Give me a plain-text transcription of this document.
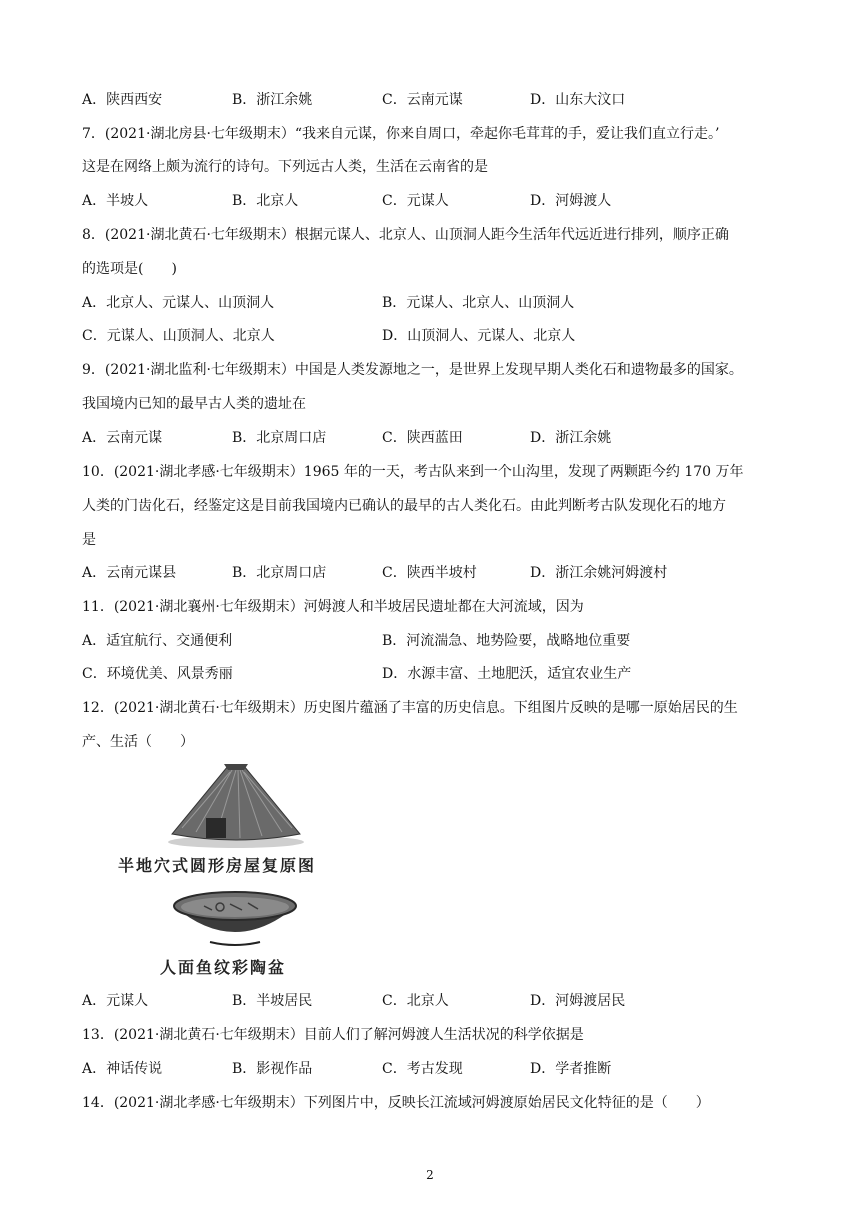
A．陕西西安	B．浙江余姚	C．云南元谋	D．山东大汶口
7．(2021·湖北房县·七年级期末）“我来自元谋，你来自周口，牵起你毛茸茸的手，爱让我们直立行走。’
这是在网络上颇为流行的诗句。下列远古人类，生活在云南省的是
A．半坡人	B．北京人	C．元谋人	D．河姆渡人
8．(2021·湖北黄石·七年级期末）根据元谋人、北京人、山顶洞人距今生活年代远近进行排列，顺序正确
的选项是(　　)
A．北京人、元谋人、山顶洞人	B．元谋人、北京人、山顶洞人
C．元谋人、山顶洞人、北京人	D．山顶洞人、元谋人、北京人
9．(2021·湖北监利·七年级期末）中国是人类发源地之一，是世界上发现早期人类化石和遗物最多的国家。
我国境内已知的最早古人类的遗址在
A．云南元谋	B．北京周口店	C．陕西蓝田	D．浙江余姚
10．(2021·湖北孝感·七年级期末）1965 年的一天，考古队来到一个山沟里，发现了两颗距今约 170 万年
人类的门齿化石，经鉴定这是目前我国境内已确认的最早的古人类化石。由此判断考古队发现化石的地方
是
A．云南元谋县	B．北京周口店	C．陕西半坡村	D．浙江余姚河姆渡村
11．(2021·湖北襄州·七年级期末）河姆渡人和半坡居民遗址都在大河流域，因为
A．适宜航行、交通便利	B．河流湍急、地势险要，战略地位重要
C．环境优美、风景秀丽	D．水源丰富、土地肥沃，适宜农业生产
12．(2021·湖北黄石·七年级期末）历史图片蕴涵了丰富的历史信息。下组图片反映的是哪一原始居民的生
产、生活（　　）
半地穴式圆形房屋复原图
人面鱼纹彩陶盆
A．元谋人	B．半坡居民	C．北京人	D．河姆渡居民
13．(2021·湖北黄石·七年级期末）目前人们了解河姆渡人生活状况的科学依据是
A．神话传说	B．影视作品	C．考古发现	D．学者推断
14．(2021·湖北孝感·七年级期末）下列图片中，反映长江流域河姆渡原始居民文化特征的是（　　）
2
